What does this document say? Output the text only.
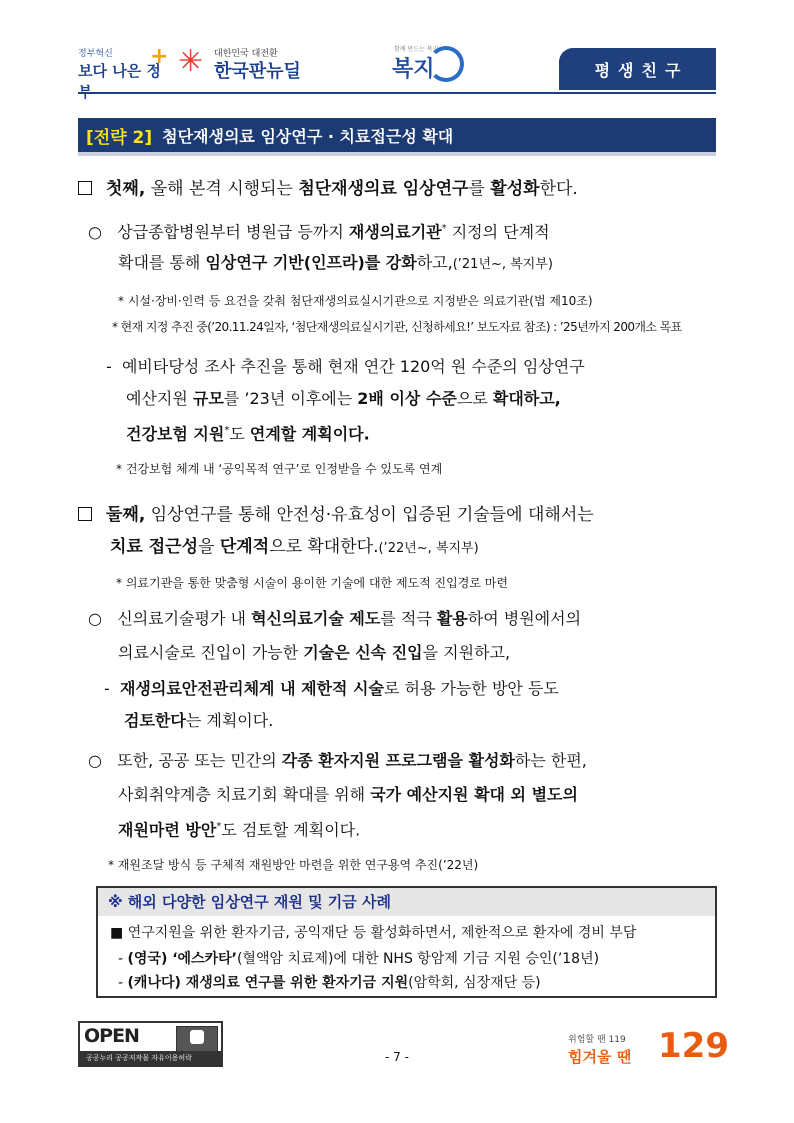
정부혁신
보다 나은 정부
+ ✳ 대한민국 대전환
한국판뉴딜
함께 만드는 복지
복지	평생친구
[전략 2] 첨단재생의료 임상연구 · 치료접근성 확대
첫째, 올해 본격 시행되는 첨단재생의료 임상연구를 활성화한다.
○ 상급종합병원부터 병원급 등까지 재생의료기관* 지정의 단계적
확대를 통해 임상연구 기반(인프라)를 강화하고,(’21년~, 복지부)
* 시설·장비·인력 등 요건을 갖춰 첨단재생의료실시기관으로 지정받은 의료기관(법 제10조)
* 현재 지정 추진 중(’20.11.24일자, ‘첨단재생의료실시기관, 신청하세요!’ 보도자료 참조) : ’25년까지 200개소 목표
- 예비타당성 조사 추진을 통해 현재 연간 120억 원 수준의 임상연구
예산지원 규모를 ’23년 이후에는 2배 이상 수준으로 확대하고,
건강보험 지원*도 연계할 계획이다.
* 건강보험 체계 내 ‘공익목적 연구’로 인정받을 수 있도록 연계
둘째, 임상연구를 통해 안전성·유효성이 입증된 기술들에 대해서는
치료 접근성을 단계적으로 확대한다.(’22년~, 복지부)
* 의료기관을 통한 맞춤형 시술이 용이한 기술에 대한 제도적 진입경로 마련
○ 신의료기술평가 내 혁신의료기술 제도를 적극 활용하여 병원에서의
의료시술로 진입이 가능한 기술은 신속 진입을 지원하고,
- 재생의료안전관리체계 내 제한적 시술로 허용 가능한 방안 등도
검토한다는 계획이다.
○ 또한, 공공 또는 민간의 각종 환자지원 프로그램을 활성화하는 한편,
사회취약계층 치료기회 확대를 위해 국가 예산지원 확대 외 별도의
재원마련 방안*도 검토할 계획이다.
* 재원조달 방식 등 구체적 재원방안 마련을 위한 연구용역 추진(’22년)
※ 해외 다양한 임상연구 재원 및 기금 사례
■ 연구지원을 위한 환자기금, 공익재단 등 활성화하면서, 제한적으로 환자에 경비 부담
- (영국) ‘에스카타’(혈액암 치료제)에 대한 NHS 항암제 기금 지원 승인(’18년)
- (캐나다) 재생의료 연구를 위한 환자기금 지원(암학회, 심장재단 등)
OPEN
공공누리 공공저작물 자유이용허락	- 7 -
위험할 땐 119
힘겨울 땐 129
